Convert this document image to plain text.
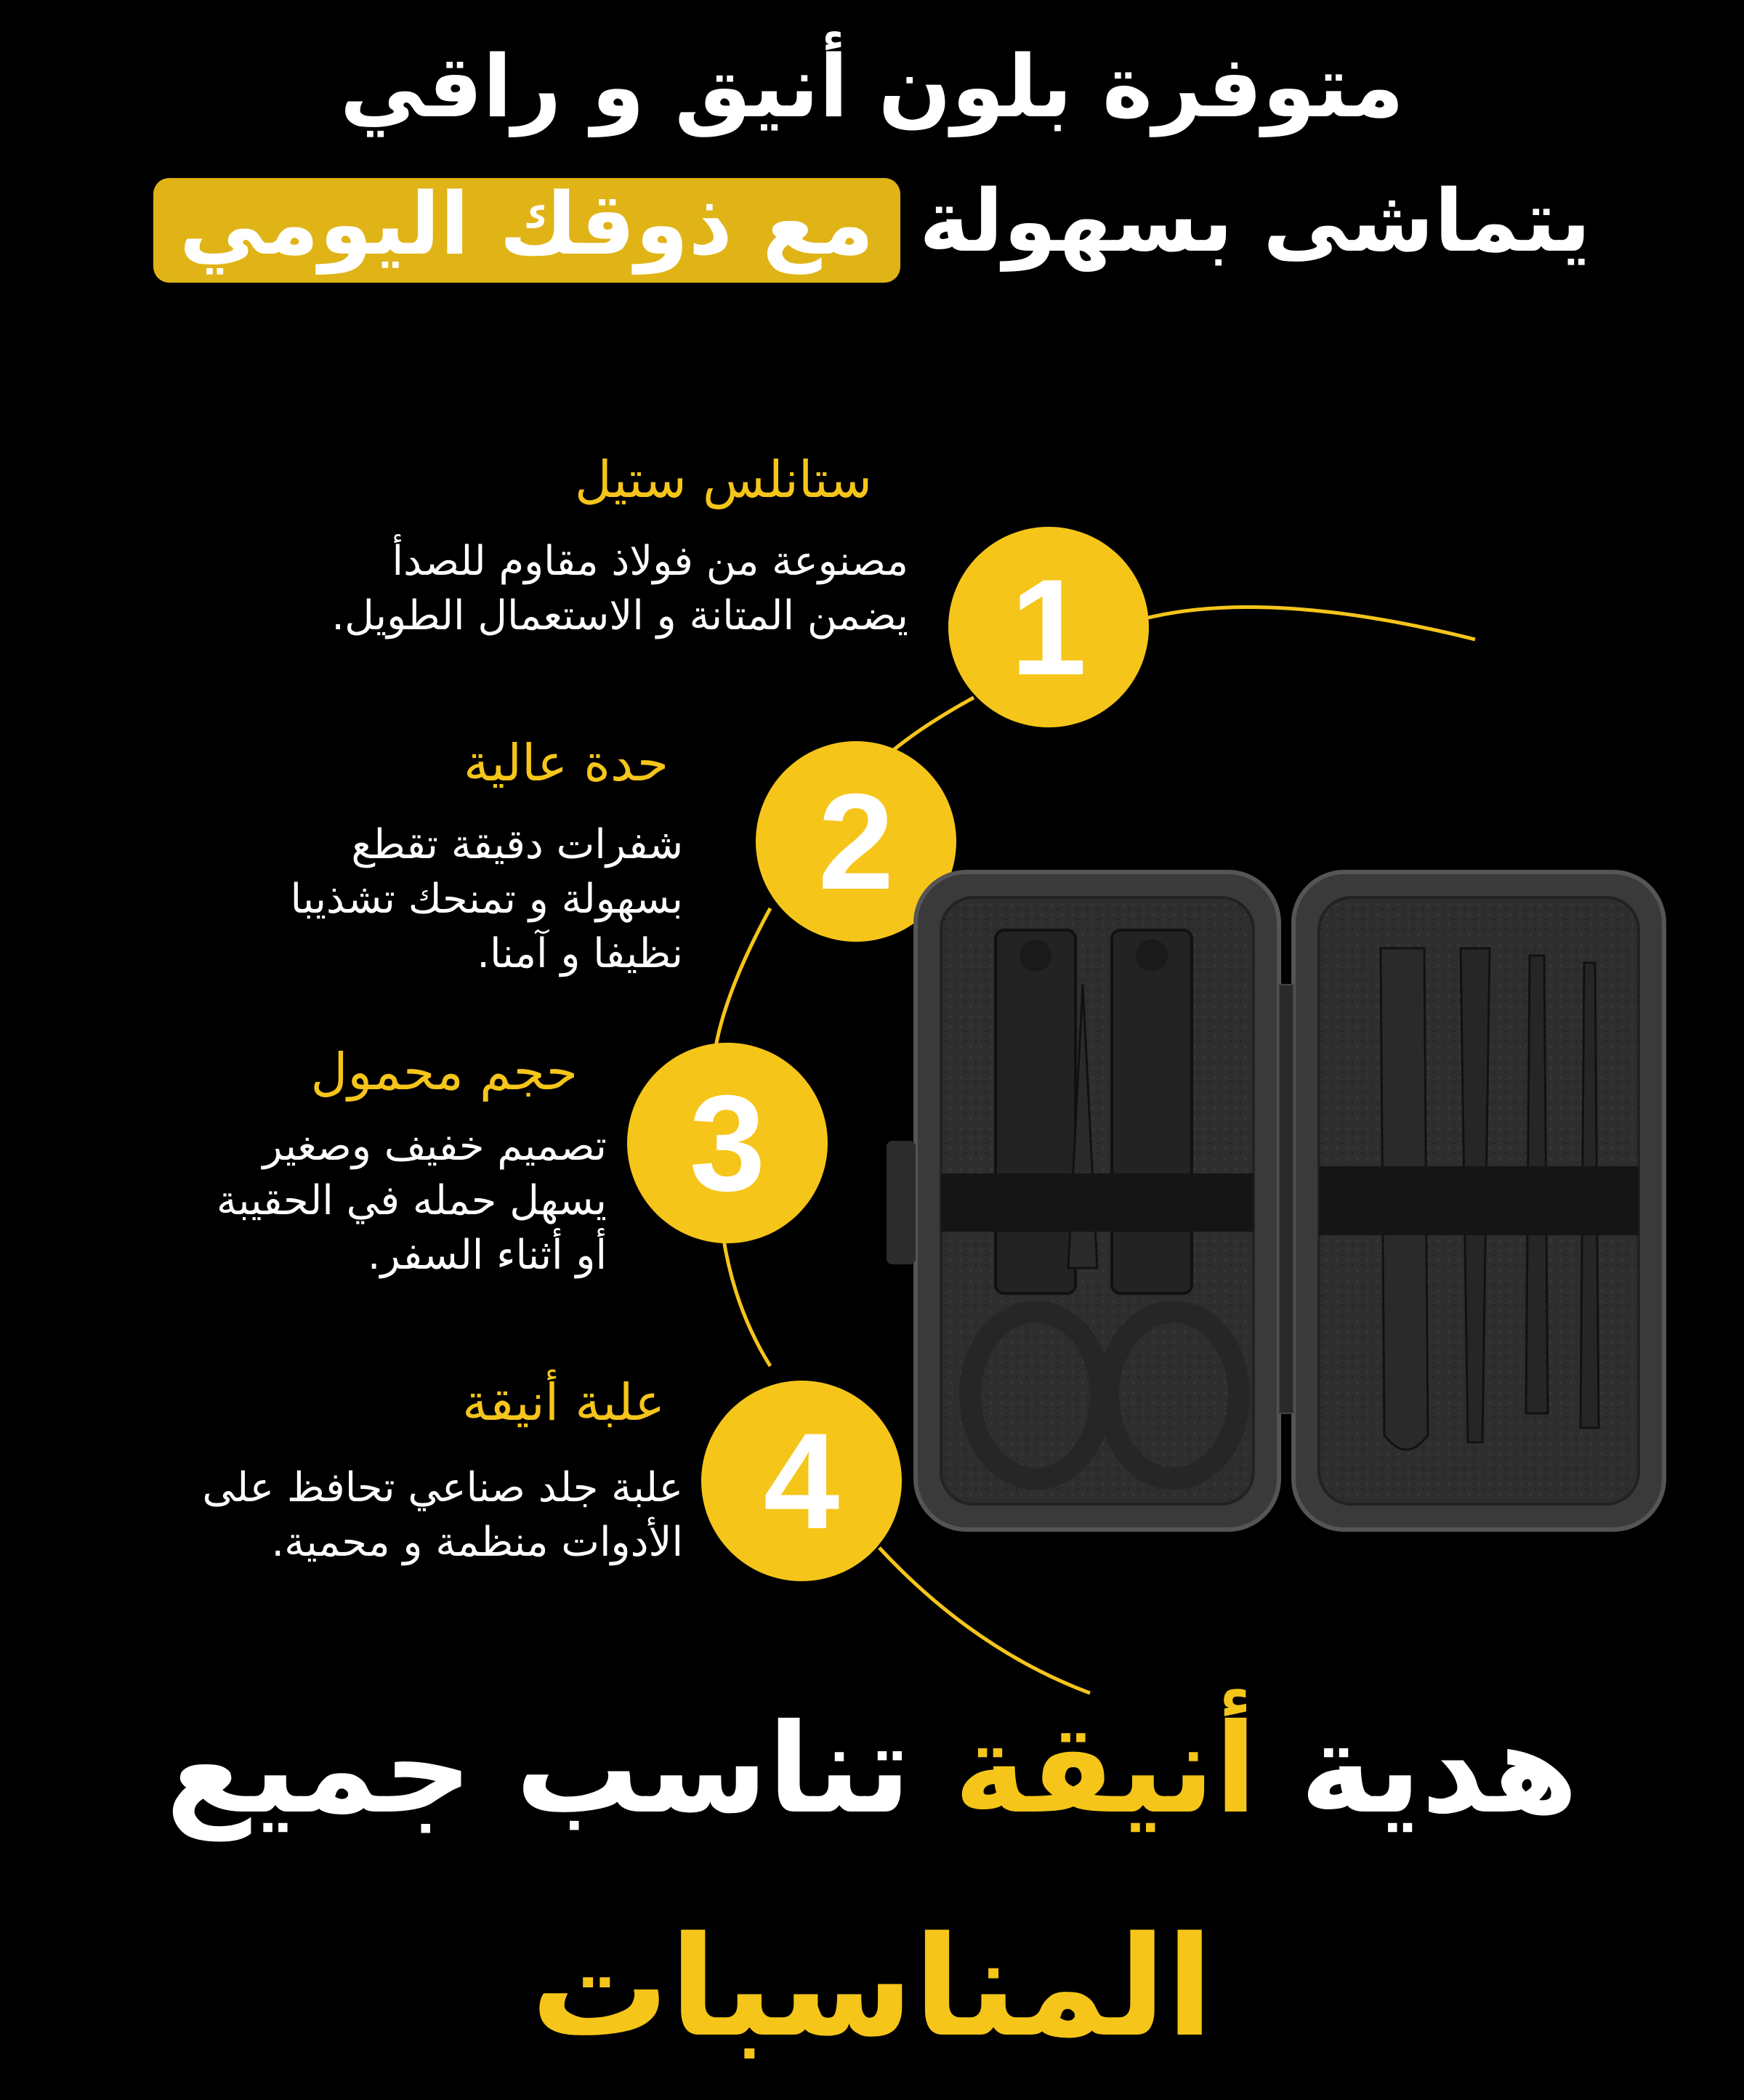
متوفرة بلون أنيق و راقي
يتماشى بسهولة
مع ذوقك اليومي
1
2
3
4
ستانلس ستيل
مصنوعة من فولاذ مقاوم للصدأ
يضمن المتانة و الاستعمال الطويل.
حدة عالية
شفرات دقيقة تقطع
بسهولة و تمنحك تشذيبا
نظيفا و آمنا.
حجم محمول
تصميم خفيف وصغير
يسهل حمله في الحقيبة
أو أثناء السفر.
علبة أنيقة
علبة جلد صناعي تحافظ على
الأدوات منظمة و محمية.
هدية أنيقة تناسب جميع
المناسبات
